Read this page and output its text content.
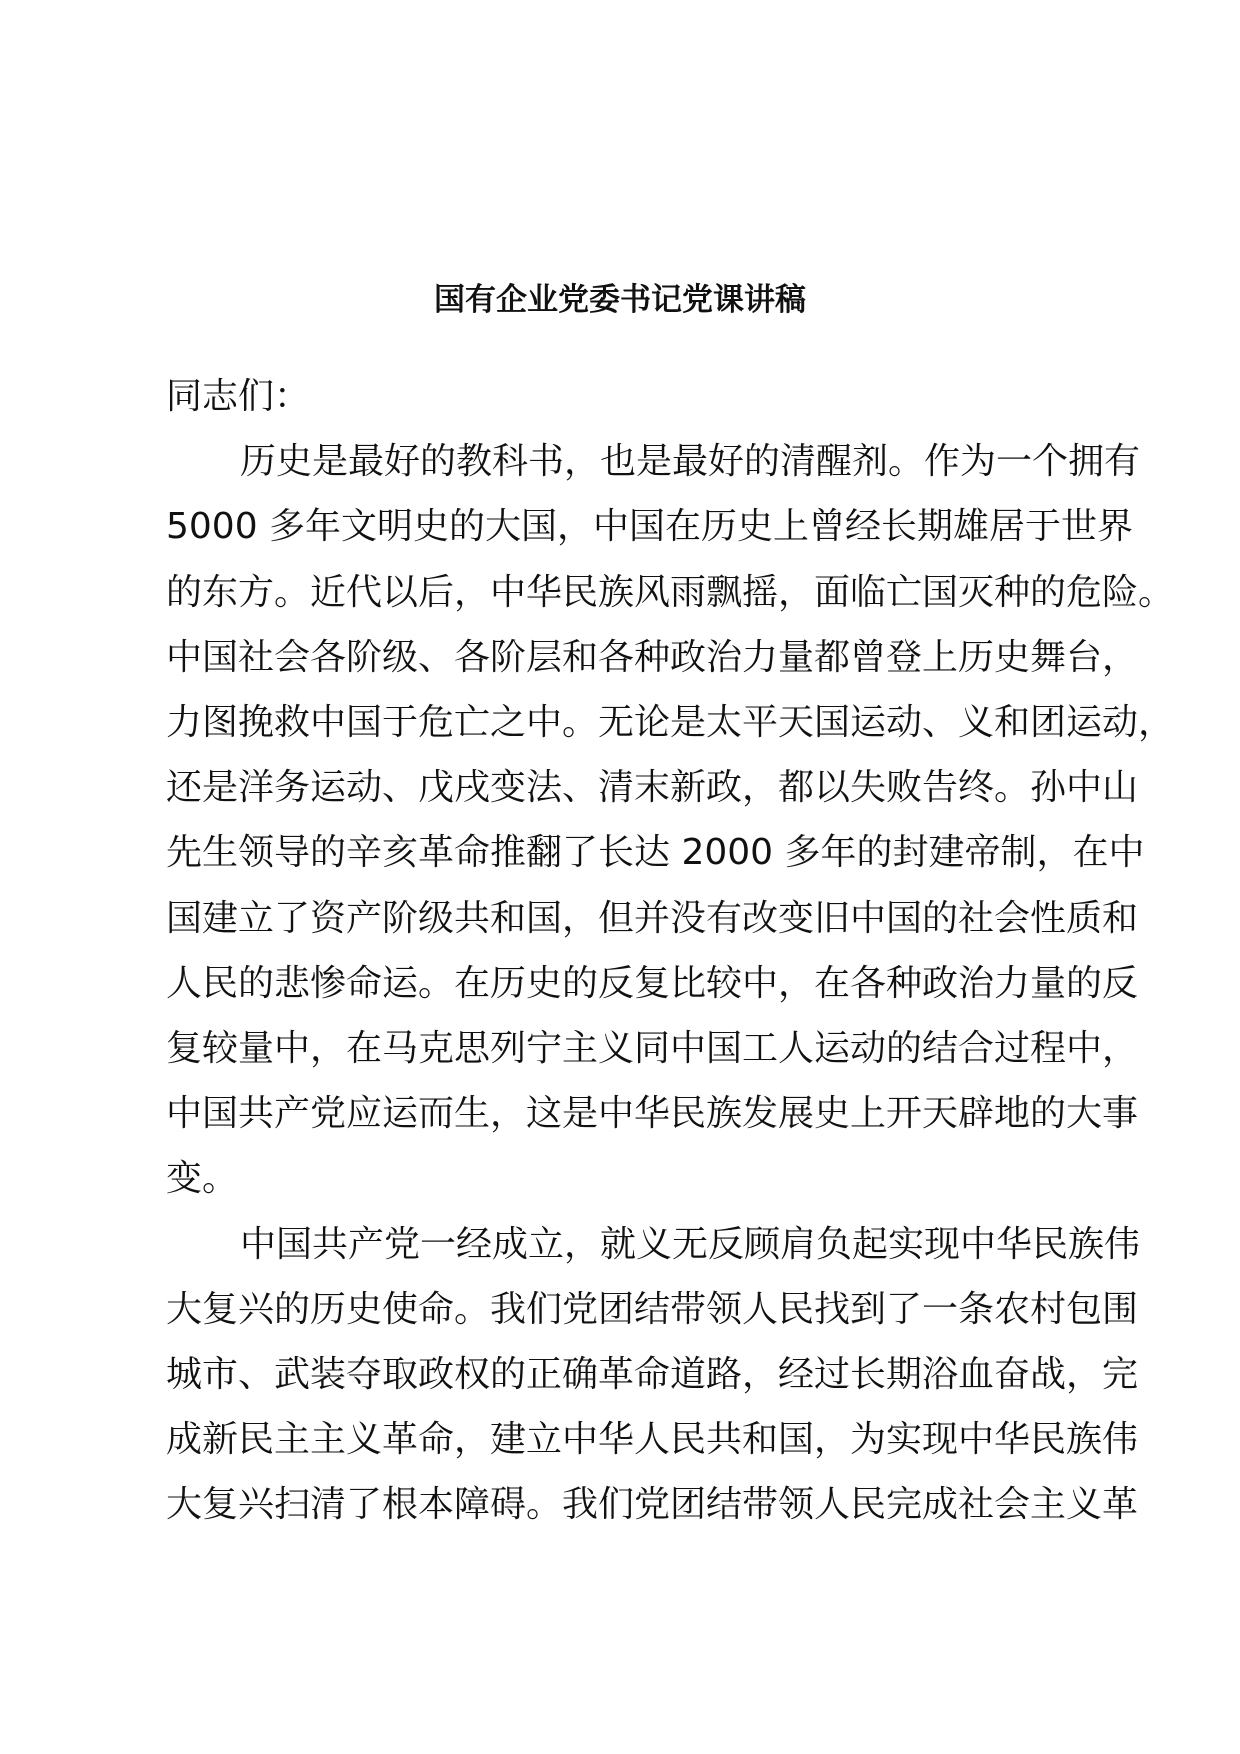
国有企业党委书记党课讲稿
同志们：
历史是最好的教科书，也是最好的清醒剂。作为一个拥有
5000 多年文明史的大国，中国在历史上曾经长期雄居于世界
的东方。近代以后，中华民族风雨飘摇，面临亡国灭种的危险。
中国社会各阶级、各阶层和各种政治力量都曾登上历史舞台，
力图挽救中国于危亡之中。无论是太平天国运动、义和团运动，
还是洋务运动、戊戌变法、清末新政，都以失败告终。孙中山
先生领导的辛亥革命推翻了长达 2000 多年的封建帝制，在中
国建立了资产阶级共和国，但并没有改变旧中国的社会性质和
人民的悲惨命运。在历史的反复比较中，在各种政治力量的反
复较量中，在马克思列宁主义同中国工人运动的结合过程中，
中国共产党应运而生，这是中华民族发展史上开天辟地的大事
变。
中国共产党一经成立，就义无反顾肩负起实现中华民族伟
大复兴的历史使命。我们党团结带领人民找到了一条农村包围
城市、武装夺取政权的正确革命道路，经过长期浴血奋战，完
成新民主主义革命，建立中华人民共和国，为实现中华民族伟
大复兴扫清了根本障碍。我们党团结带领人民完成社会主义革
